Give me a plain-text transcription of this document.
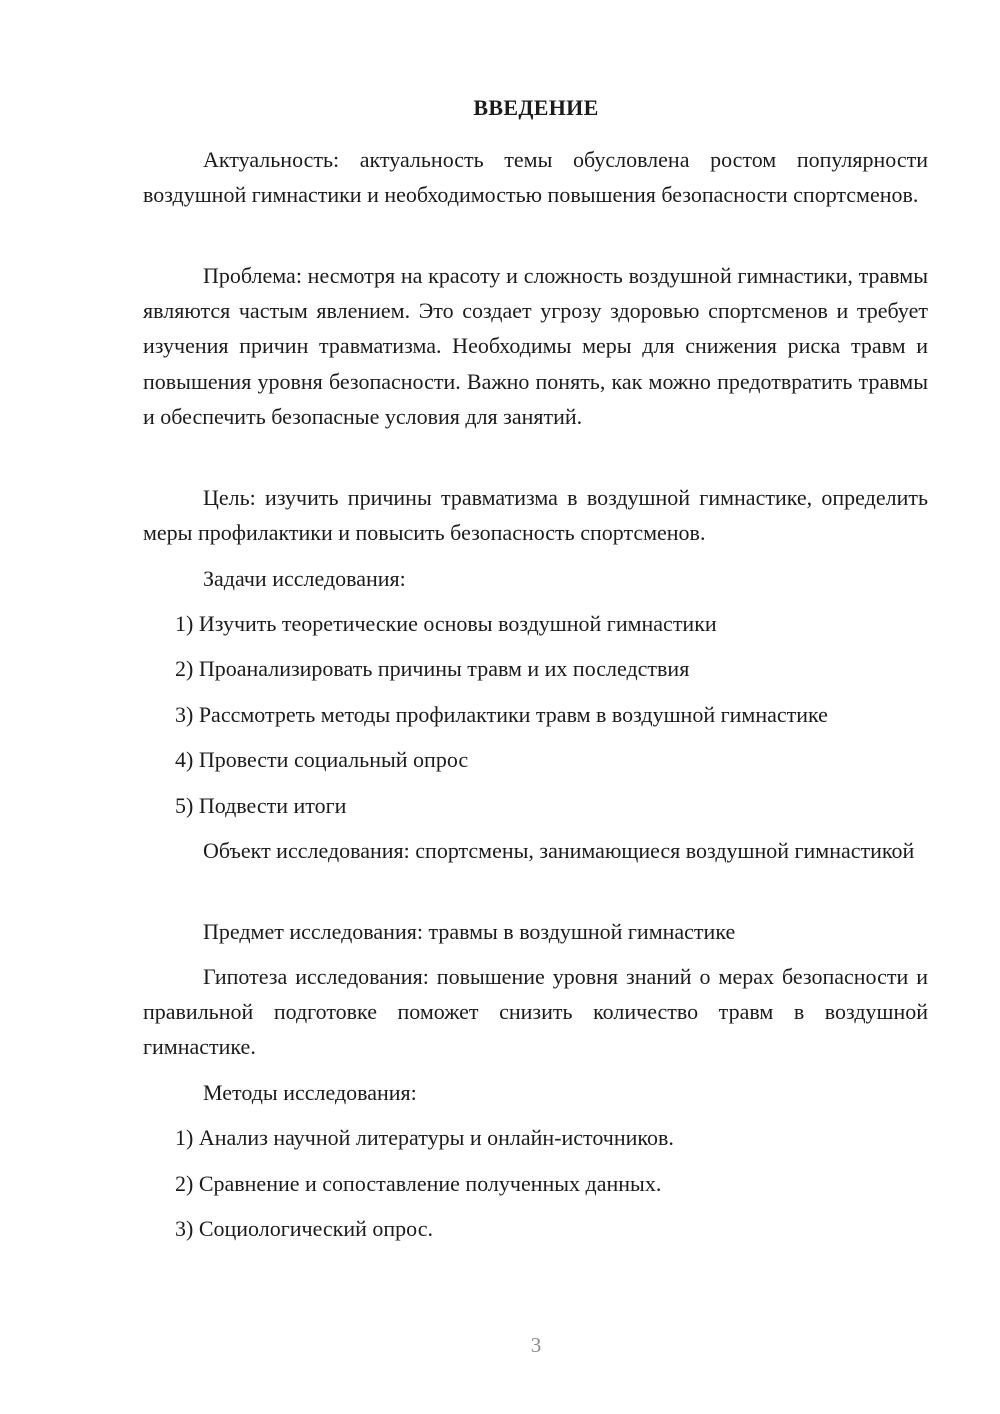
ВВЕДЕНИЕ

Актуальность: актуальность темы обусловлена ростом популярности воздушной гимнастики и необходимостью повышения безопасности спортсменов.

Проблема: несмотря на красоту и сложность воздушной гимнастики, травмы являются частым явлением. Это создает угрозу здоровью спортсменов и требует изучения причин травматизма. Необходимы меры для снижения риска травм и повышения уровня безопасности. Важно понять, как можно предотвратить травмы и обеспечить безопасные условия для занятий.

Цель: изучить причины травматизма в воздушной гимнастике, определить меры профилактики и повысить безопасность спортсменов.

Задачи исследования:

1) Изучить теоретические основы воздушной гимнастики

2) Проанализировать причины травм и их последствия

3) Рассмотреть методы профилактики травм в воздушной гимнастике

4) Провести социальный опрос

5) Подвести итоги

Объект исследования: спортсмены, занимающиеся воздушной гимнастикой

Предмет исследования: травмы в воздушной гимнастике

Гипотеза исследования: повышение уровня знаний о мерах безопасности и правильной подготовке поможет снизить количество травм в воздушной гимнастике.

Методы исследования:

1) Анализ научной литературы и онлайн-источников.

2) Сравнение и сопоставление полученных данных.

3) Социологический опрос.

3
